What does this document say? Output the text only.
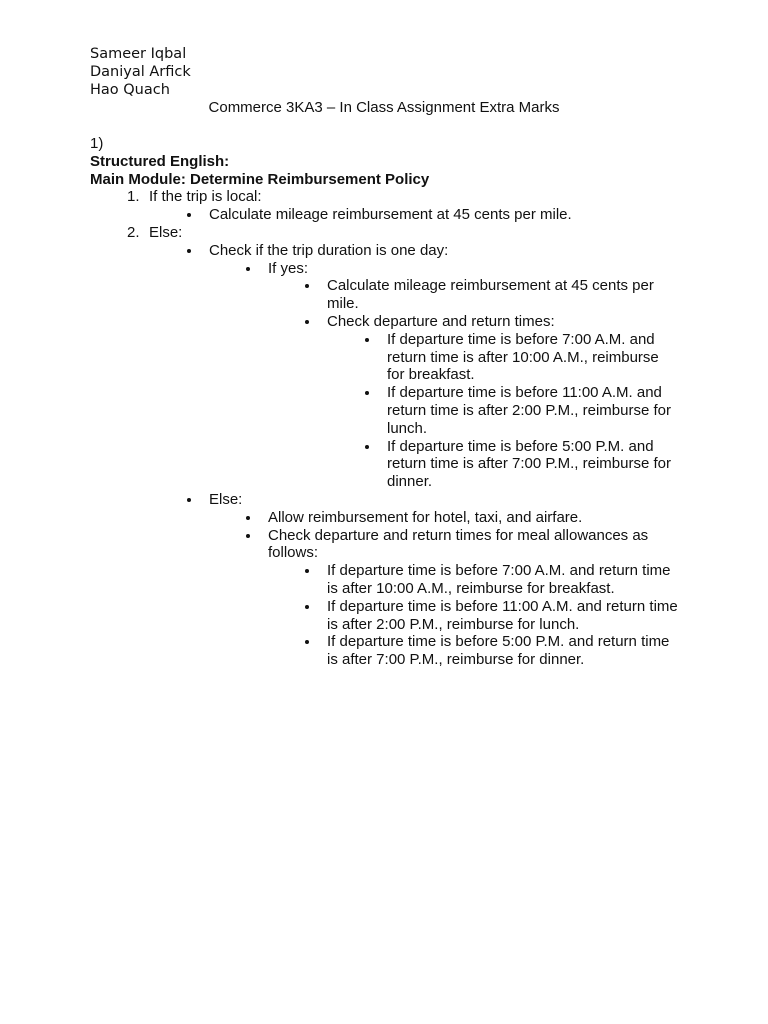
Sameer Iqbal
Daniyal Arfick
Hao Quach
Commerce 3KA3 – In Class Assignment Extra Marks
1)
Structured English:
Main Module: Determine Reimbursement Policy
1. If the trip is local:
Calculate mileage reimbursement at 45 cents per mile.
2. Else:
Check if the trip duration is one day:
If yes:
Calculate mileage reimbursement at 45 cents per mile.
Check departure and return times:
If departure time is before 7:00 A.M. and return time is after 10:00 A.M., reimburse for breakfast.
If departure time is before 11:00 A.M. and return time is after 2:00 P.M., reimburse for lunch.
If departure time is before 5:00 P.M. and return time is after 7:00 P.M., reimburse for dinner.
Else:
Allow reimbursement for hotel, taxi, and airfare.
Check departure and return times for meal allowances as follows:
If departure time is before 7:00 A.M. and return time is after 10:00 A.M., reimburse for breakfast.
If departure time is before 11:00 A.M. and return time is after 2:00 P.M., reimburse for lunch.
If departure time is before 5:00 P.M. and return time is after 7:00 P.M., reimburse for dinner.
